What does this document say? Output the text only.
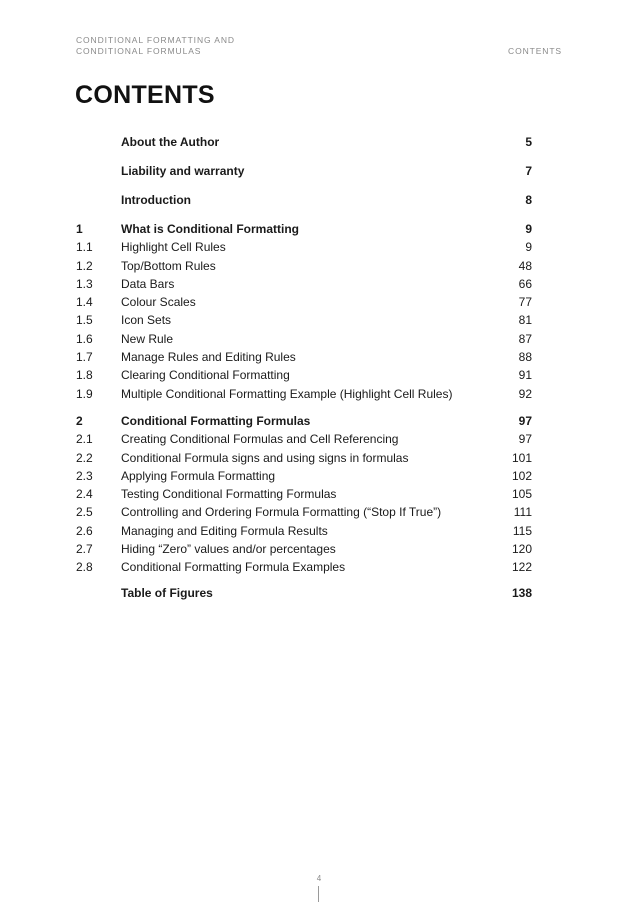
CONDITIONAL FORMATTING AND
CONDITIONAL FORMULAS	CONTENTS
CONTENTS
About the Author	5
Liability and warranty	7
Introduction	8
1	What is Conditional Formatting	9
1.1 Highlight Cell Rules	9
1.2 Top/Bottom Rules	48
1.3 Data Bars	66
1.4 Colour Scales	77
1.5 Icon Sets	81
1.6 New Rule	87
1.7 Manage Rules and Editing Rules	88
1.8 Clearing Conditional Formatting	91
1.9 Multiple Conditional Formatting Example (Highlight Cell Rules)	92
2	Conditional Formatting Formulas	97
2.1 Creating Conditional Formulas and Cell Referencing	97
2.2 Conditional Formula signs and using signs in formulas	101
2.3 Applying Formula Formatting	102
2.4 Testing Conditional Formatting Formulas	105
2.5 Controlling and Ordering Formula Formatting (“Stop If True”)	111
2.6 Managing and Editing Formula Results	115
2.7 Hiding “Zero” values and/or percentages	120
2.8 Conditional Formatting Formula Examples	122
Table of Figures	138
4
